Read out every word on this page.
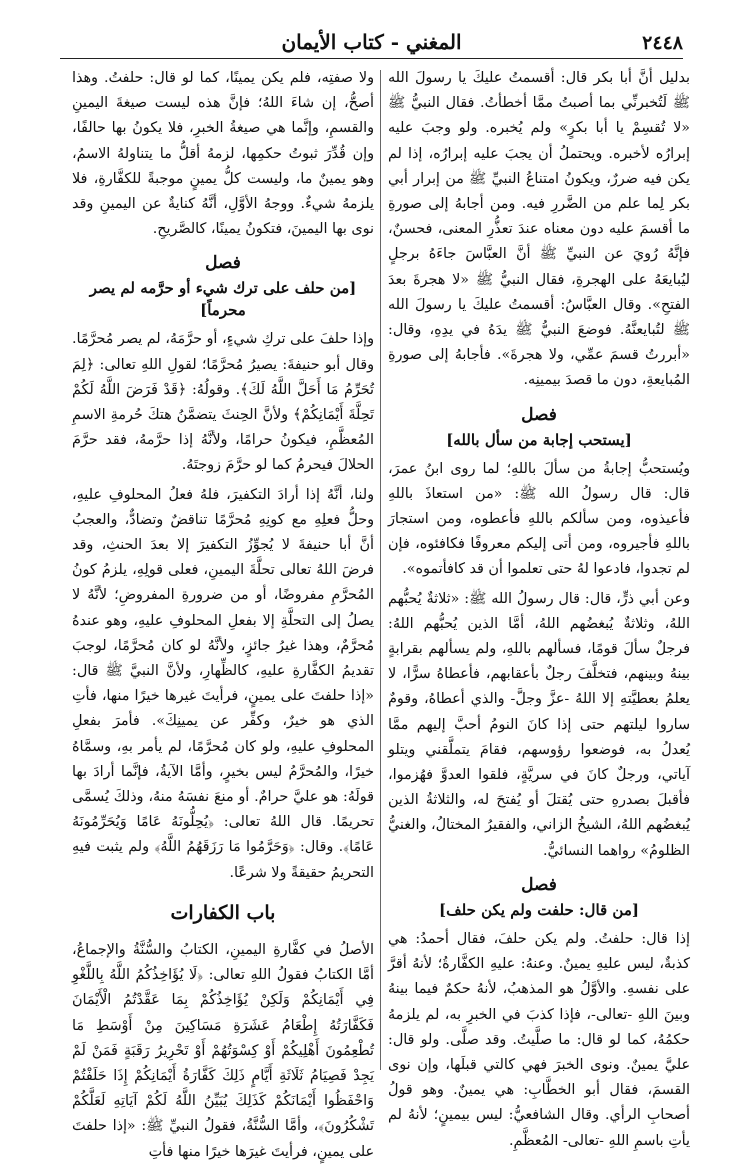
٢٤٤٨
المغني - كتاب الأيمان

بدليل أنَّ أبا بكر قال: أقسمتُ عليكَ يا رسولَ الله ﷺ لَتُخبرنِّي بما أصبتُ ممَّا أخطأتُ. فقال النبيُّ ﷺ «لا تُقسِمْ يا أبا بكرٍ» ولم يُخبره. ولو وجبَ عليه إبرارُه لأخبره. ويحتملُ أن يجبَ عليه إبرارُه، إذا لم يكن فيه ضررٌ، ويكونُ امتناعُ النبيِّ ﷺ من إبرار أبي بكر لِما علم من الضَّررِ فيه. ومن أجابهُ إلى صورةِ ما أقسمَ عليه دون معناه عندَ تعذُّرِ المعنى، فحسنٌ، فإنَّهُ رُويَ عن النبيِّ ﷺ أنَّ العبَّاسَ جاءَهُ برجلٍ ليُبايعَهُ على الهجرةِ، فقال النبيُّ ﷺ «لا هجرةَ بعدَ الفتحِ». وقال العبَّاسُ: أقسمتُ عليكَ يا رسولَ الله ﷺ لتُبايعنَّهُ. فوضعَ النبيُّ ﷺ يدَهُ في يدِهِ، وقال: «أبررتُ قسمَ عمِّي، ولا هجرةَ». فأجابهُ إلى صورةِ المُبايعةِ، دون ما قصدَ بيمينِه.

فصل
[يستحب إجابة من سأل بالله]

ويُستحبُّ إجابةُ من سألَ باللهِ؛ لما روى ابنُ عمرَ، قال: قال رسولُ الله ﷺ: «من استعاذَ باللهِ فأعيذوه، ومن سألكم باللهِ فأعطوه، ومن استجارَ باللهِ فأجيروه، ومن أتى إليكم معروفًا فكافئوه، فإن لم تجدوا، فادعوا لهُ حتى تعلموا أن قد كافأتموه».

وعن أبي ذرٍّ، قال: قال رسولُ الله ﷺ: «ثلاثةٌ يُحبُّهم اللهُ، وثلاثةٌ يُبغضُهم اللهُ، أمَّا الذين يُحبُّهم اللهُ: فرجلٌ سألَ قومًا، فسألهم باللهِ، ولم يسألهم بقرابةٍ بينهُ وبينهم، فتخلَّفَ رجلٌ بأعقابهم، فأعطاهُ سرًّا، لا يعلمُ بعطيَّتهِ إلا اللهُ -عزَّ وجلَّ- والذي أعطاهُ، وقومٌ ساروا ليلتهم حتى إذا كانَ النومُ أحبَّ إليهم ممَّا يُعدلُ به، فوضعوا رؤوسهم، فقامَ يتملَّقني ويتلو آياتي، ورجلٌ كانَ في سريَّةٍ، فلقوا العدوَّ فهُزموا، فأقبلَ بصدرهِ حتى يُقتلَ أو يُفتحَ له، والثلاثةُ الذين يُبغضُهم اللهُ، الشيخُ الزاني، والفقيرُ المختالُ، والغنيُّ الظلومُ» رواهما النسائيُّ.

فصل
[من قال: حلفت ولم يكن حلف]

إذا قال: حلفتُ. ولم يكن حلفَ، فقال أحمدُ: هي كذبةٌ، ليس عليهِ يمينٌ. وعنهُ: عليهِ الكفَّارةُ؛ لأنهُ أقرَّ على نفسهِ. والأوَّلُ هو المذهبُ، لأنهُ حكمٌ فيما بينهُ وبينَ اللهِ -تعالى-، فإذا كذبَ في الخبرِ به، لم يلزمهُ حكمُهُ، كما لو قال: ما صلَّيتُ. وقد صلَّى. ولو قال: عليَّ يمينٌ. ونوى الخبرَ فهي كالتي قبلَها، وإن نوى القسمَ، فقال أبو الخطَّابِ: هي يمينٌ. وهو قولُ أصحابِ الرأي. وقال الشافعيُّ: ليس بيمينٍ؛ لأنهُ لم يأتِ باسمِ اللهِ -تعالى- المُعظَّمِ.

ولا صفتِه، فلم يكن يمينًا، كما لو قال: حلفتُ. وهذا أصحُّ، إن شاءَ اللهُ؛ فإنَّ هذه ليست صيغةَ اليمينِ والقسمِ، وإنَّما هي صيغةُ الخبرِ، فلا يكونُ بها حالفًا، وإن قُدِّرَ ثبوتُ حكمِها، لزمهُ أقلُّ ما يتناولهُ الاسمُ، وهو يمينٌ ما، وليست كلُّ يمينٍ موجبةً للكفَّارةِ، فلا يلزمهُ شيءٌ. ووجهُ الأوَّلِ، أنَّهُ كنايةٌ عن اليمينِ وقد نوى بها اليمينَ، فتكونُ يمينًا، كالصَّريحِ.

فصل
[من حلف على ترك شيء أو حرَّمه لم يصر محرماً]

وإذا حلفَ على تركِ شيءٍ، أو حرَّمَهُ، لم يصر مُحرَّمًا. وقال أبو حنيفةَ: يصيرُ مُحرَّمًا؛ لقولِ اللهِ تعالى: ﴿لِمَ تُحَرِّمُ مَا أَحَلَّ اللَّهُ لَكَ﴾. وقولُهُ: ﴿قَدْ فَرَضَ اللَّهُ لَكُمْ تَحِلَّةَ أَيْمَانِكُمْ﴾ ولأنَّ الحِنثَ يتضمَّنُ هتكَ حُرمةِ الاسمِ المُعظَّمِ، فيكونُ حرامًا، ولأنَّهُ إذا حرَّمهُ، فقد حرَّمَ الحلالَ فيحرمُ كما لو حرَّمَ زوجتَهُ.

ولنا، أنَّهُ إذا أرادَ التكفيرَ، فلهُ فعلُ المحلوفِ عليهِ، وحلُّ فعلِهِ مع كونِهِ مُحرَّمًا تناقضٌ وتضادٌّ، والعجبُ أنَّ أبا حنيفةَ لا يُجوِّزُ التكفيرَ إلا بعدَ الحنثِ، وقد فرضَ اللهُ تعالى تحلَّةَ اليمينِ، فعلى قولِهِ، يلزمُ كونُ المُحرَّمِ مفروضًا، أو من ضرورةِ المفروضِ؛ لأنَّهُ لا يصلُ إلى التحلَّةِ إلا بفعلِ المحلوفِ عليهِ، وهو عندهُ مُحرَّمٌ، وهذا غيرُ جائزٍ، ولأنَّهُ لو كان مُحرَّمًا، لوجبَ تقديمُ الكفَّارةِ عليهِ، كالظِّهارِ، ولأنَّ النبيَّ ﷺ قال: «إذا حلفتَ على يمينٍ، فرأيتَ غيرها خيرًا منها، فأتِ الذي هو خيرٌ، وكفِّر عن يمينِكَ». فأمرَ بفعلِ المحلوفِ عليهِ، ولو كان مُحرَّمًا، لم يأمر بهِ، وسمَّاهُ خيرًا، والمُحرَّمُ ليس بخيرٍ، وأمَّا الآيةُ، فإنَّما أرادَ بها قولَهُ: هو عليَّ حرامٌ. أو منعَ نفسَهُ منهُ، وذلكَ يُسمَّى تحريمًا. قال اللهُ تعالى: ﴿يُحِلُّونَهُ عَامًا وَيُحَرِّمُونَهُ عَامًا﴾. وقال: ﴿وَحَرَّمُوا مَا رَزَقَهُمُ اللَّهُ﴾ ولم يثبت فيهِ التحريمُ حقيقةً ولا شرعًا.

باب الكفارات

الأصلُ في كفَّارةِ اليمينِ، الكتابُ والسُّنَّةُ والإجماعُ، أمَّا الكتابُ فقولُ اللهِ تعالى: ﴿لَا يُؤَاخِذُكُمُ اللَّهُ بِاللَّغْوِ فِي أَيْمَانِكُمْ وَلَكِنْ يُؤَاخِذُكُمْ بِمَا عَقَّدْتُمُ الْأَيْمَانَ فَكَفَّارَتُهُ إِطْعَامُ عَشَرَةِ مَسَاكِينَ مِنْ أَوْسَطِ مَا تُطْعِمُونَ أَهْلِيكُمْ أَوْ كِسْوَتُهُمْ أَوْ تَحْرِيرُ رَقَبَةٍ فَمَنْ لَمْ يَجِدْ فَصِيَامُ ثَلَاثَةِ أَيَّامٍ ذَلِكَ كَفَّارَةُ أَيْمَانِكُمْ إِذَا حَلَفْتُمْ وَاحْفَظُوا أَيْمَانَكُمْ كَذَلِكَ يُبَيِّنُ اللَّهُ لَكُمْ آيَاتِهِ لَعَلَّكُمْ تَشْكُرُونَ﴾، وأمَّا السُّنَّةُ، فقولُ النبيِّ ﷺ: «إذا حلفتَ على يمينٍ، فرأيتَ غيرَها خيرًا منها فأتِ
